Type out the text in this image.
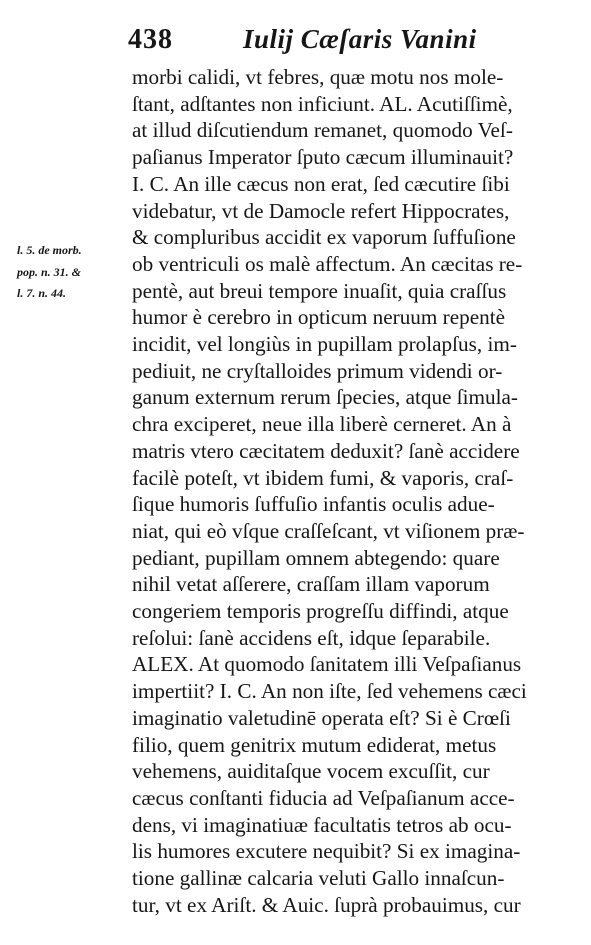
438	Iulij Cæſaris Vanini
l. 5. de morb.
pop. n. 31. &
l. 7. n. 44.
morbi calidi, vt febres, quæ motu nos mole-
ſtant, adſtantes non inficiunt. AL. Acutiſſimè,
at illud diſcutiendum remanet, quomodo Veſ-
paſianus Imperator ſputo cæcum illuminauit?
I. C. An ille cæcus non erat, ſed cæcutire ſibi
videbatur, vt de Damocle refert Hippocrates,
& compluribus accidit ex vaporum ſuffuſione
ob ventriculi os malè affectum. An cæcitas re-
pentè, aut breui tempore inuaſit, quia craſſus
humor è cerebro in opticum neruum repentè
incidit, vel longiùs in pupillam prolapſus, im-
pediuit, ne cryſtalloides primum videndi or-
ganum externum rerum ſpecies, atque ſimula-
chra exciperet, neue illa liberè cerneret. An à
matris vtero cæcitatem deduxit? ſanè accidere
facilè poteſt, vt ibidem fumi, & vaporis, craſ-
ſique humoris ſuffuſio infantis oculis adue-
niat, qui eò vſque craſſeſcant, vt viſionem præ-
pediant, pupillam omnem abtegendo: quare
nihil vetat aſſerere, craſſam illam vaporum
congeriem temporis progreſſu diffindi, atque
reſolui: ſanè accidens eſt, idque ſeparabile.
ALEX. At quomodo ſanitatem illi Veſpaſianus
impertiit? I. C. An non iſte, ſed vehemens cæci
imaginatio valetudinē operata eſt? Si è Crœſi
filio, quem genitrix mutum ediderat, metus
vehemens, auiditaſque vocem excuſſit, cur
cæcus conſtanti fiducia ad Veſpaſianum acce-
dens, vi imaginatiuæ facultatis tetros ab ocu-
lis humores excutere nequibit? Si ex imagina-
tione gallinæ calcaria veluti Gallo innaſcun-
tur, vt ex Ariſt. & Auic. ſuprà probauimus, cur
